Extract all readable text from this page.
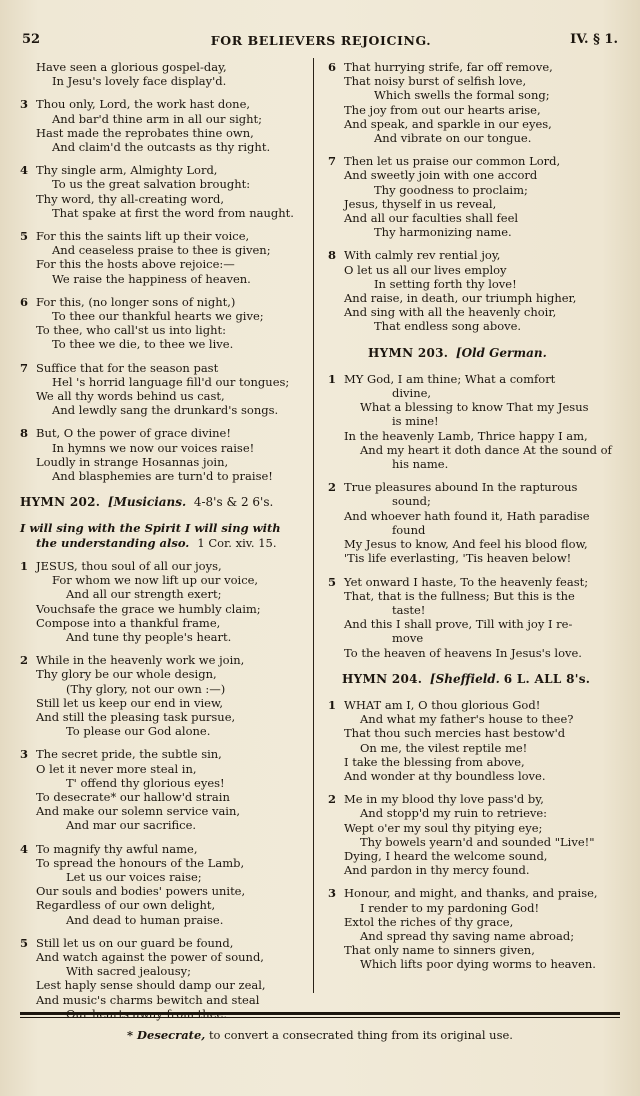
52	FOR BELIEVERS REJOICING.	IV. § 1.
Have seen a glorious gospel-day,
In Jesu's lovely face display'd.
3 Thou only, Lord, the work hast done,
And bar'd thine arm in all our sight;
Hast made the reprobates thine own,
And claim'd the outcasts as thy right.
4 Thy single arm, Almighty Lord,
To us the great salvation brought:
Thy word, thy all-creating word,
That spake at first the word from naught.
5 For this the saints lift up their voice,
And ceaseless praise to thee is given;
For this the hosts above rejoice:—
We raise the happiness of heaven.
6 For this, (no longer sons of night,)
To thee our thankful hearts we give;
To thee, who call'st us into light:
To thee we die, to thee we live.
7 Suffice that for the season past
Hel 's horrid language fill'd our tongues;
We all thy words behind us cast,
And lewdly sang the drunkard's songs.
8 But, O the power of grace divine!
In hymns we now our voices raise!
Loudly in strange Hosannas join,
And blasphemies are turn'd to praise!
HYMN 202. [Musicians. 4-8's & 2 6's.
I will sing with the Spirit I will sing with
the understanding also. 1 Cor. xiv. 15.
1 JESUS, thou soul of all our joys,
For whom we now lift up our voice,
And all our strength exert;
Vouchsafe the grace we humbly claim;
Compose into a thankful frame,
And tune thy people's heart.
2 While in the heavenly work we join,
Thy glory be our whole design,
(Thy glory, not our own :—)
Still let us keep our end in view,
And still the pleasing task pursue,
To please our God alone.
3 The secret pride, the subtle sin,
O let it never more steal in,
T' offend thy glorious eyes!
To desecrate* our hallow'd strain
And make our solemn service vain,
And mar our sacrifice.
4 To magnify thy awful name,
To spread the honours of the Lamb,
Let us our voices raise;
Our souls and bodies' powers unite,
Regardless of our own delight,
And dead to human praise.
5 Still let us on our guard be found,
And watch against the power of sound,
With sacred jealousy;
Lest haply sense should damp our zeal,
And music's charms bewitch and steal
6 That hurrying strife, far off remove,
That noisy burst of selfish love,
Which swells the formal song;
The joy from out our hearts arise,
And speak, and sparkle in our eyes,
And vibrate on our tongue.
7 Then let us praise our common Lord,
And sweetly join with one accord
Thy goodness to proclaim;
Jesus, thyself in us reveal,
And all our faculties shall feel
Thy harmonizing name.
8 With calmly rev rential joy,
O let us all our lives employ
In setting forth thy love!
And raise, in death, our triumph higher,
And sing with all the heavenly choir,
That endless song above.
HYMN 203. [Old German.
1 MY God, I am thine; What a comfort
divine,
What a blessing to know That my Jesus
is mine!
In the heavenly Lamb, Thrice happy I am,
And my heart it doth dance At the sound of
his name.
2 True pleasures abound In the rapturous
sound;
And whoever hath found it, Hath paradise
found
My Jesus to know, And feel his blood flow,
'Tis life everlasting, 'Tis heaven below!
5 Yet onward I haste, To the heavenly feast;
That, that is the fullness; But this is the
taste!
And this I shall prove, Till with joy I re-
move
To the heaven of heavens In Jesus's love.
HYMN 204. [Sheffield. 6 L. ALL 8's.
1 WHAT am I, O thou glorious God!
And what my father's house to thee?
That thou such mercies hast bestow'd
On me, the vilest reptile me!
I take the blessing from above,
And wonder at thy boundless love.
2 Me in my blood thy love pass'd by,
And stopp'd my ruin to retrieve:
Wept o'er my soul thy pitying eye;
Thy bowels yearn'd and sounded "Live!"
Dying, I heard the welcome sound,
And pardon in thy mercy found.
3 Honour, and might, and thanks, and praise,
I render to my pardoning God!
Extol the riches of thy grace,
And spread thy saving name abroad;
That only name to sinners given,
Which lifts poor dying worms to heaven.
* Desecrate, to convert a consecrated thing from its original use.
